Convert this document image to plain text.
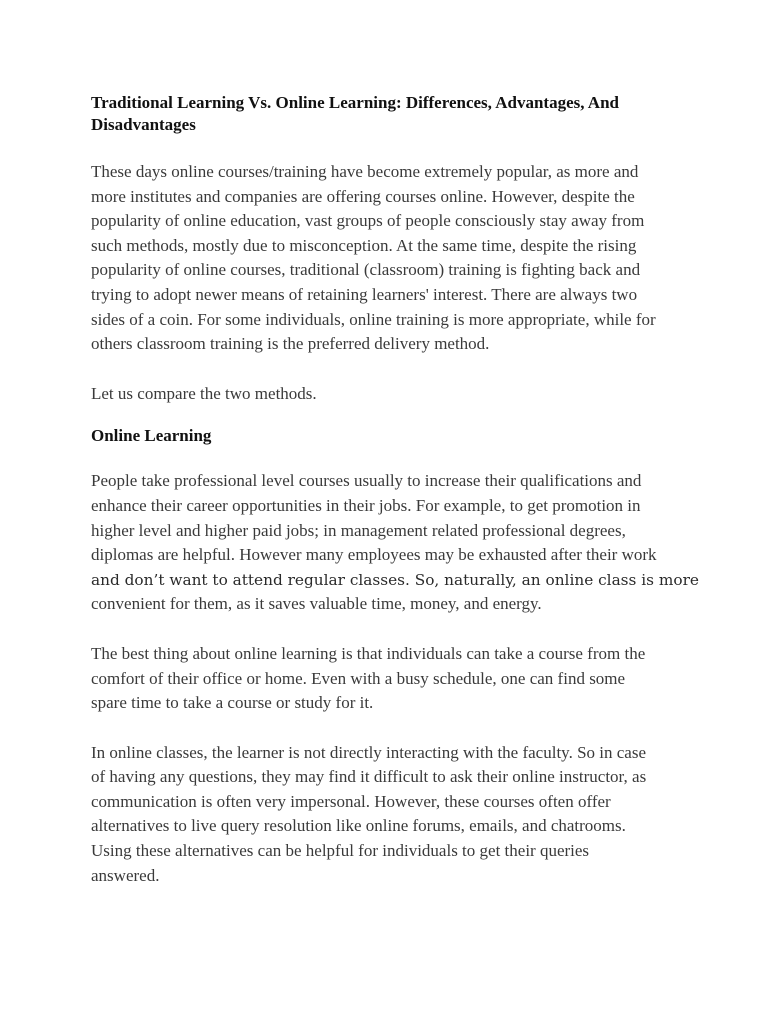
Traditional Learning Vs. Online Learning: Differences, Advantages, And Disadvantages
These days online courses/training have become extremely popular, as more and
more institutes and companies are offering courses online. However, despite the
popularity of online education, vast groups of people consciously stay away from
such methods, mostly due to misconception. At the same time, despite the rising
popularity of online courses, traditional (classroom) training is fighting back and
trying to adopt newer means of retaining learners' interest. There are always two
sides of a coin. For some individuals, online training is more appropriate, while for
others classroom training is the preferred delivery method.
Let us compare the two methods.
Online Learning
People take professional level courses usually to increase their qualifications and
enhance their career opportunities in their jobs. For example, to get promotion in
higher level and higher paid jobs; in management related professional degrees,
diplomas are helpful. However many employees may be exhausted after their work
and don’t want to attend regular classes. So, naturally, an online class is more
convenient for them, as it saves valuable time, money, and energy.
The best thing about online learning is that individuals can take a course from the
comfort of their office or home. Even with a busy schedule, one can find some
spare time to take a course or study for it.
In online classes, the learner is not directly interacting with the faculty. So in case
of having any questions, they may find it difficult to ask their online instructor, as
communication is often very impersonal. However, these courses often offer
alternatives to live query resolution like online forums, emails, and chatrooms.
Using these alternatives can be helpful for individuals to get their queries
answered.
